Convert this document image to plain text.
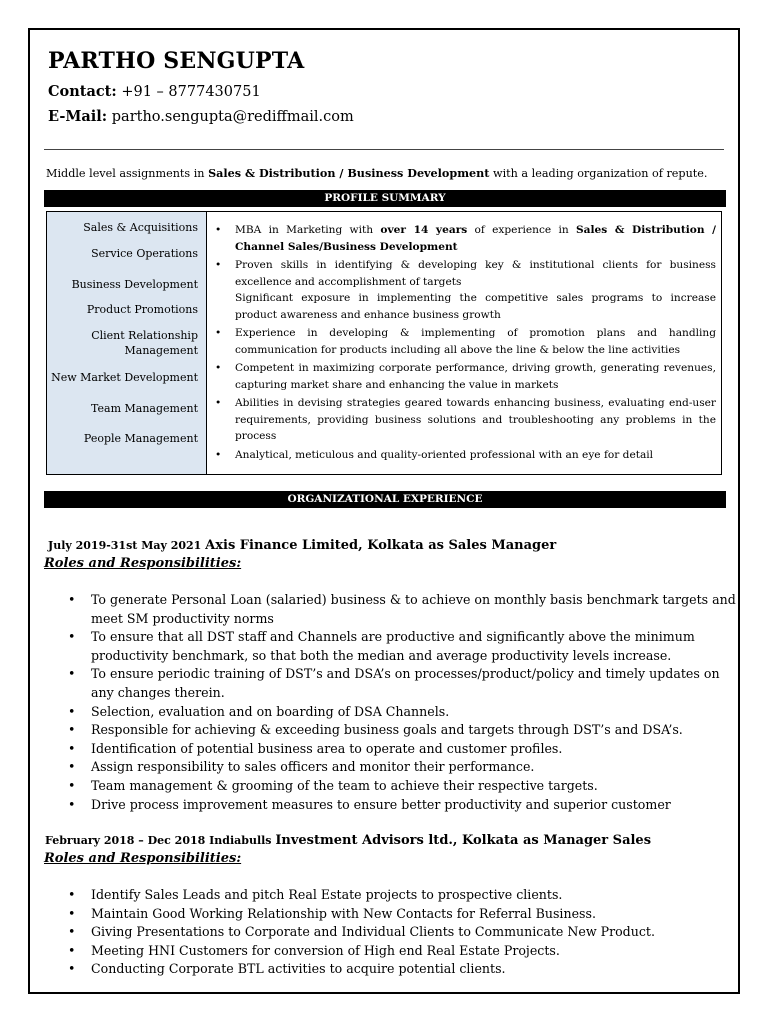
PARTHO SENGUPTA
Contact: +91 – 8777430751
E-Mail: partho.sengupta@rediffmail.com
Middle level assignments in Sales & Distribution / Business Development with a leading organization of repute.
PROFILE SUMMARY
Sales & Acquisitions
Service Operations
Business Development
Product Promotions
Client Relationship Management
New Market Development
Team Management
People Management
• MBA in Marketing with over 14 years of experience in Sales & Distribution / Channel Sales/Business Development
• Proven skills in identifying & developing key & institutional clients for business excellence and accomplishment of targets
Significant exposure in implementing the competitive sales programs to increase product awareness and enhance business growth
• Experience in developing & implementing of promotion plans and handling communication for products including all above the line & below the line activities
• Competent in maximizing corporate performance, driving growth, generating revenues, capturing market share and enhancing the value in markets
• Abilities in devising strategies geared towards enhancing business, evaluating end-user requirements, providing business solutions and troubleshooting any problems in the process
• Analytical, meticulous and quality-oriented professional with an eye for detail
ORGANIZATIONAL EXPERIENCE
July 2019-31st May 2021 Axis Finance Limited, Kolkata as Sales Manager
Roles and Responsibilities:
• To generate Personal Loan (salaried) business & to achieve on monthly basis benchmark targets and meet SM productivity norms
• To ensure that all DST staff and Channels are productive and significantly above the minimum productivity benchmark, so that both the median and average productivity levels increase.
• To ensure periodic training of DST’s and DSA’s on processes/product/policy and timely updates on any changes therein.
• Selection, evaluation and on boarding of DSA Channels.
• Responsible for achieving & exceeding business goals and targets through DST’s and DSA’s.
• Identification of potential business area to operate and customer profiles.
• Assign responsibility to sales officers and monitor their performance.
• Team management & grooming of the team to achieve their respective targets.
• Drive process improvement measures to ensure better productivity and superior customer
February 2018 – Dec 2018 Indiabulls Investment Advisors ltd., Kolkata as Manager Sales
Roles and Responsibilities:
• Identify Sales Leads and pitch Real Estate projects to prospective clients.
• Maintain Good Working Relationship with New Contacts for Referral Business.
• Giving Presentations to Corporate and Individual Clients to Communicate New Product.
• Meeting HNI Customers for conversion of High end Real Estate Projects.
• Conducting Corporate BTL activities to acquire potential clients.
